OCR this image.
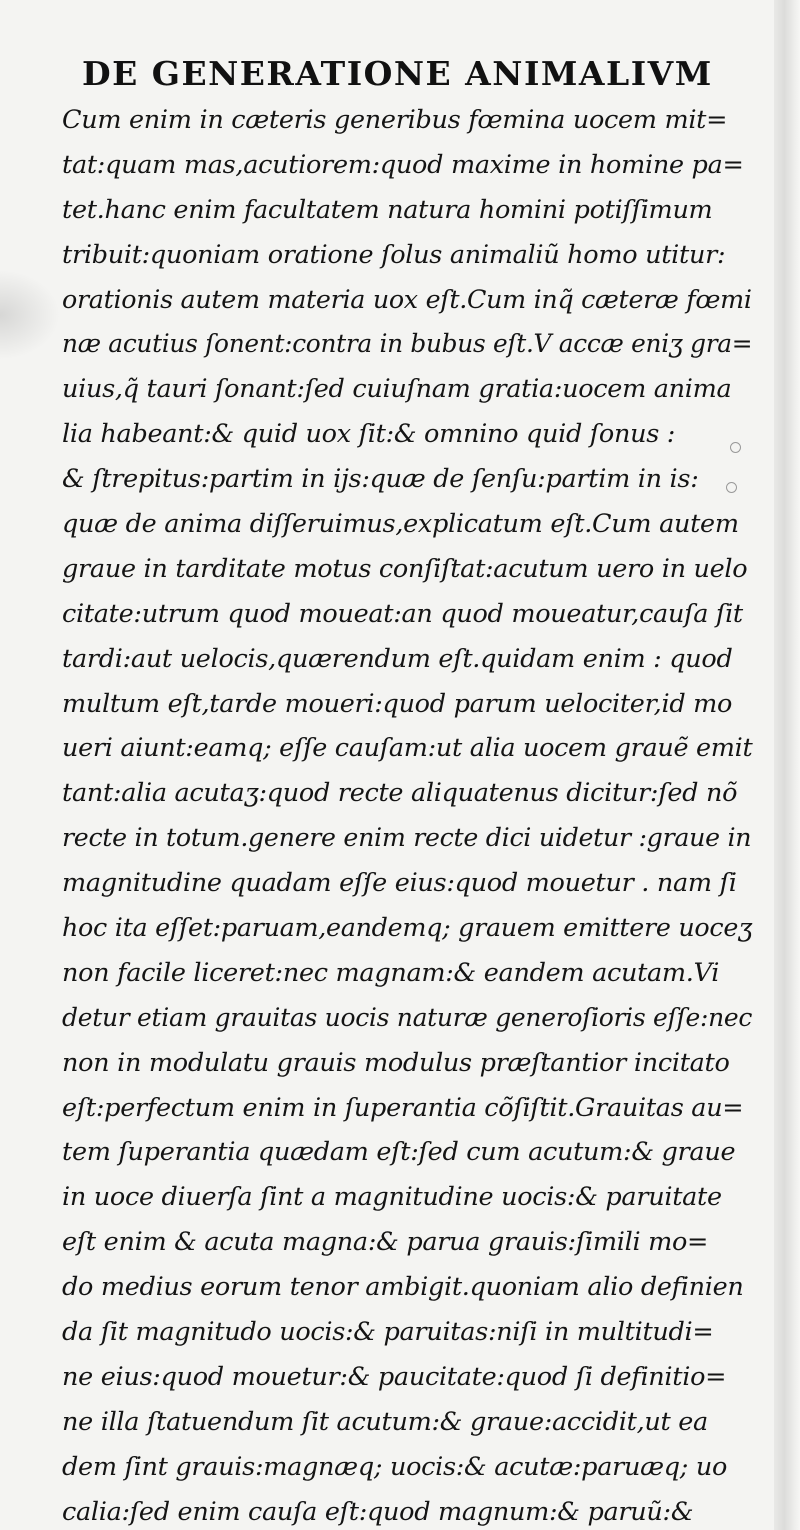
DE GENERATIONE ANIMALIVM
Cum enim in cæteris generibus fœmina uocem mit=
tat:quam mas,acutiorem:quod maxime in homine pa=
tet.hanc enim facultatem natura homini potiſſimum
tribuit:quoniam oratione ſolus animaliũ homo utitur:
orationis autem materia uox eſt.Cum inq̃ cæteræ fœmi
næ acutius ſonent:contra in bubus eſt.V accæ eniʒ gra=
uius,q̃ tauri ſonant:ſed cuiuſnam gratia:uocem anima
lia habeant:& quid uox ſit:& omnino quid ſonus :
& ſtrepitus:partim in ijs:quæ de ſenſu:partim in is:
quæ de anima diſſeruimus,explicatum eſt.Cum autem
graue in tarditate motus conſiſtat:acutum uero in uelo
citate:utrum quod moueat:an quod moueatur,cauſa ſit
tardi:aut uelocis,quærendum eſt.quidam enim : quod
multum eſt,tarde moueri:quod parum uelociter,id mo
ueri aiunt:eamq; eſſe cauſam:ut alia uocem grauẽ emit
tant:alia acutaʒ:quod recte aliquatenus dicitur:ſed nõ
recte in totum.genere enim recte dici uidetur :graue in
magnitudine quadam eſſe eius:quod mouetur . nam ſi
hoc ita eſſet:paruam,eandemq; grauem emittere uoceʒ
non facile liceret:nec magnam:& eandem acutam.Vi
detur etiam grauitas uocis naturæ generoſioris eſſe:nec
non in modulatu grauis modulus præſtantior incitato
eſt:perfectum enim in ſuperantia cõſiſtit.Grauitas au=
tem ſuperantia quædam eſt:ſed cum acutum:& graue
in uoce diuerſa ſint a magnitudine uocis:& paruitate
eſt enim & acuta magna:& parua grauis:ſimili mo=
do medius eorum tenor ambigit.quoniam alio definien
da ſit magnitudo uocis:& paruitas:niſi in multitudi=
ne eius:quod mouetur:& paucitate:quod ſi definitio=
ne illa ſtatuendum ſit acutum:& graue:accidit,ut ea
dem ſint grauis:magnæq; uocis:& acutæ:paruæq; uo
calia:ſed enim cauſa eſt:quod magnum:& paruũ:&
